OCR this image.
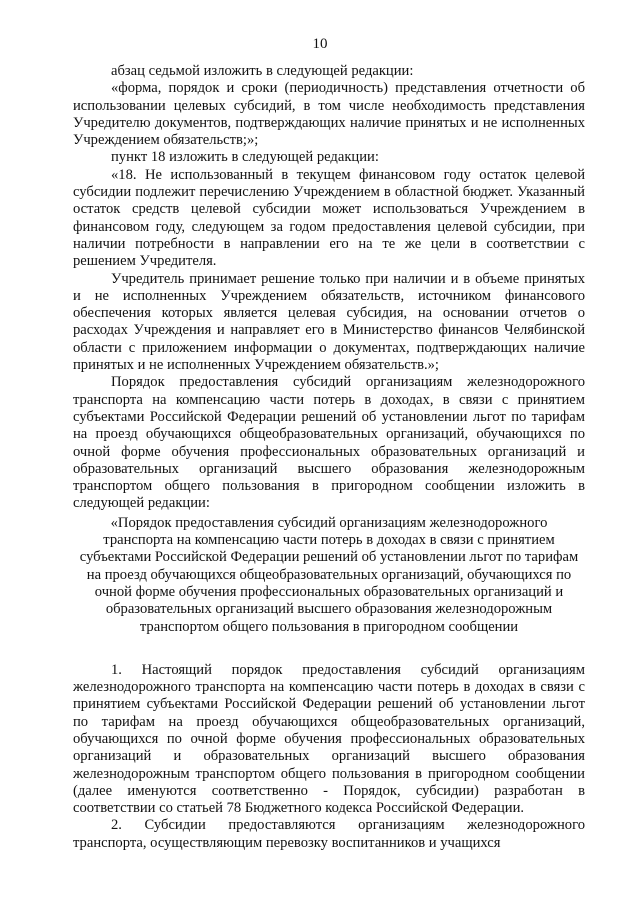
10

абзац седьмой изложить в следующей редакции:

«форма, порядок и сроки (периодичность) представления отчетности об использовании целевых субсидий, в том числе необходимость представления Учредителю документов, подтверждающих наличие принятых и не исполненных Учреждением обязательств;»;

пункт 18 изложить в следующей редакции:

«18. Не использованный в текущем финансовом году остаток целевой субсидии подлежит перечислению Учреждением в областной бюджет. Указанный остаток средств целевой субсидии может использоваться Учреждением в финансовом году, следующем за годом предоставления целевой субсидии, при наличии потребности в направлении его на те же цели в соответствии с решением Учредителя.

Учредитель принимает решение только при наличии и в объеме принятых и не исполненных Учреждением обязательств, источником финансового обеспечения которых является целевая субсидия, на основании отчетов о расходах Учреждения и направляет его в Министерство финансов Челябинской области с приложением информации о документах, подтверждающих наличие принятых и не исполненных Учреждением обязательств.»;

Порядок предоставления субсидий организациям железнодорожного транспорта на компенсацию части потерь в доходах, в связи с принятием субъектами Российской Федерации решений об установлении льгот по тарифам на проезд обучающихся общеобразовательных организаций, обучающихся по очной форме обучения профессиональных образовательных организаций и образовательных организаций высшего образования железнодорожным транспортом общего пользования в пригородном сообщении изложить в следующей редакции:

«Порядок предоставления субсидий организациям железнодорожного транспорта на компенсацию части потерь в доходах в связи с принятием субъектами Российской Федерации решений об установлении льгот по тарифам на проезд обучающихся общеобразовательных организаций, обучающихся по очной форме обучения профессиональных образовательных организаций и образовательных организаций высшего образования железнодорожным транспортом общего пользования в пригородном сообщении

1. Настоящий порядок предоставления субсидий организациям железнодорожного транспорта на компенсацию части потерь в доходах в связи с принятием субъектами Российской Федерации решений об установлении льгот по тарифам на проезд обучающихся общеобразовательных организаций, обучающихся по очной форме обучения профессиональных образовательных организаций и образовательных организаций высшего образования железнодорожным транспортом общего пользования в пригородном сообщении (далее именуются соответственно - Порядок, субсидии) разработан в соответствии со статьей 78 Бюджетного кодекса Российской Федерации.

2. Субсидии предоставляются организациям железнодорожного транспорта, осуществляющим перевозку воспитанников и учащихся
